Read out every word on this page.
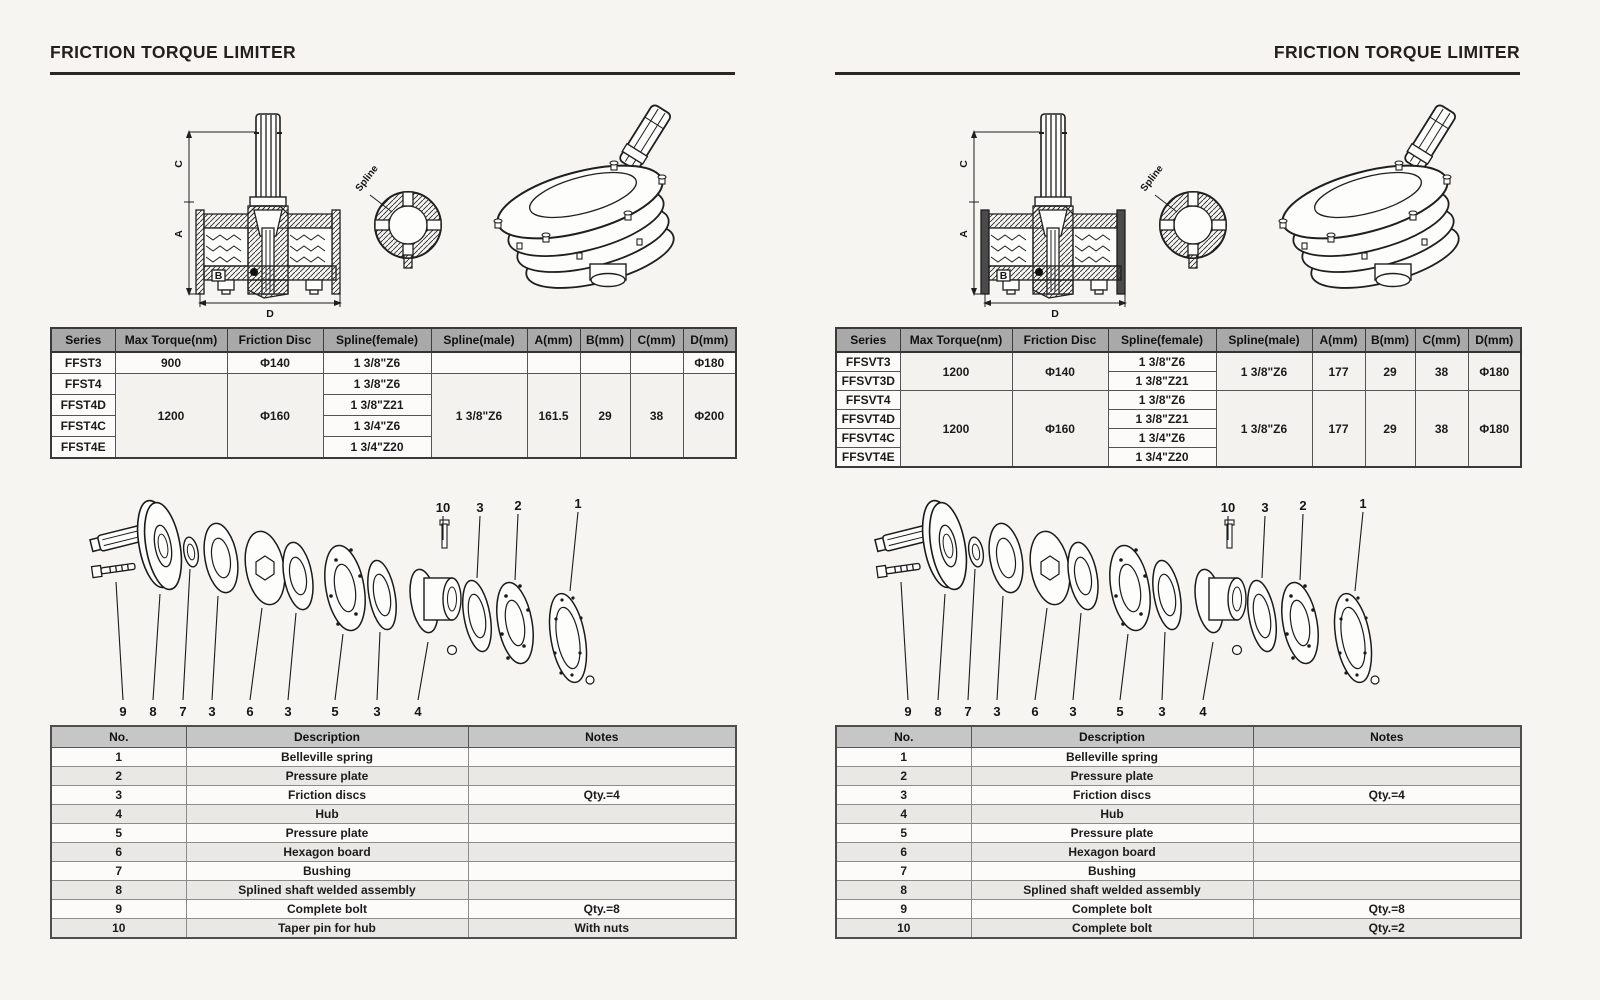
FRICTION TORQUE LIMITER
C
A
B
D
Spline
Series	Max Torque(nm)	Friction Disc	Spline(female)	Spline(male)	A(mm)	B(mm)	C(mm)	D(mm)
FFST3	900	Φ140	1 3/8"Z6					Φ180
FFST4	1200	Φ160	1 3/8"Z6	1 3/8"Z6	161.5	29	38	Φ200
FFST4D			1 3/8"Z21					
FFST4C			1 3/4"Z6					
FFST4E			1 3/4"Z20					
10 3 2	1
9 8 7 3 6 3	5	3	4
No.	Description	Notes
1	Belleville spring	
2	Pressure plate	
3	Friction discs	Qty.=4
4	Hub	
5	Pressure plate	
6	Hexagon board	
7	Bushing	
8	Splined shaft welded assembly	
9	Complete bolt	Qty.=8
10	Taper pin for hub	With nuts
FRICTION TORQUE LIMITER
C
A
B
D
Spline
Series	Max Torque(nm)	Friction Disc	Spline(female)	Spline(male)	A(mm)	B(mm)	C(mm)	D(mm)
FFSVT3	1200	Φ140	1 3/8"Z6	1 3/8"Z6	177	29	38	Φ180
FFSVT3D			1 3/8"Z21					
FFSVT4	1200	Φ160	1 3/8"Z6	1 3/8"Z6	177	29	38	Φ180
FFSVT4D			1 3/8"Z21					
FFSVT4C			1 3/4"Z6					
FFSVT4E			1 3/4"Z20					
10 3 2	1
9 8 7 3 6 3	5	3	4
No.	Description	Notes
1	Belleville spring	
2	Pressure plate	
3	Friction discs	Qty.=4
4	Hub	
5	Pressure plate	
6	Hexagon board	
7	Bushing	
8	Splined shaft welded assembly	
9	Complete bolt	Qty.=8
10	Complete bolt	Qty.=2
